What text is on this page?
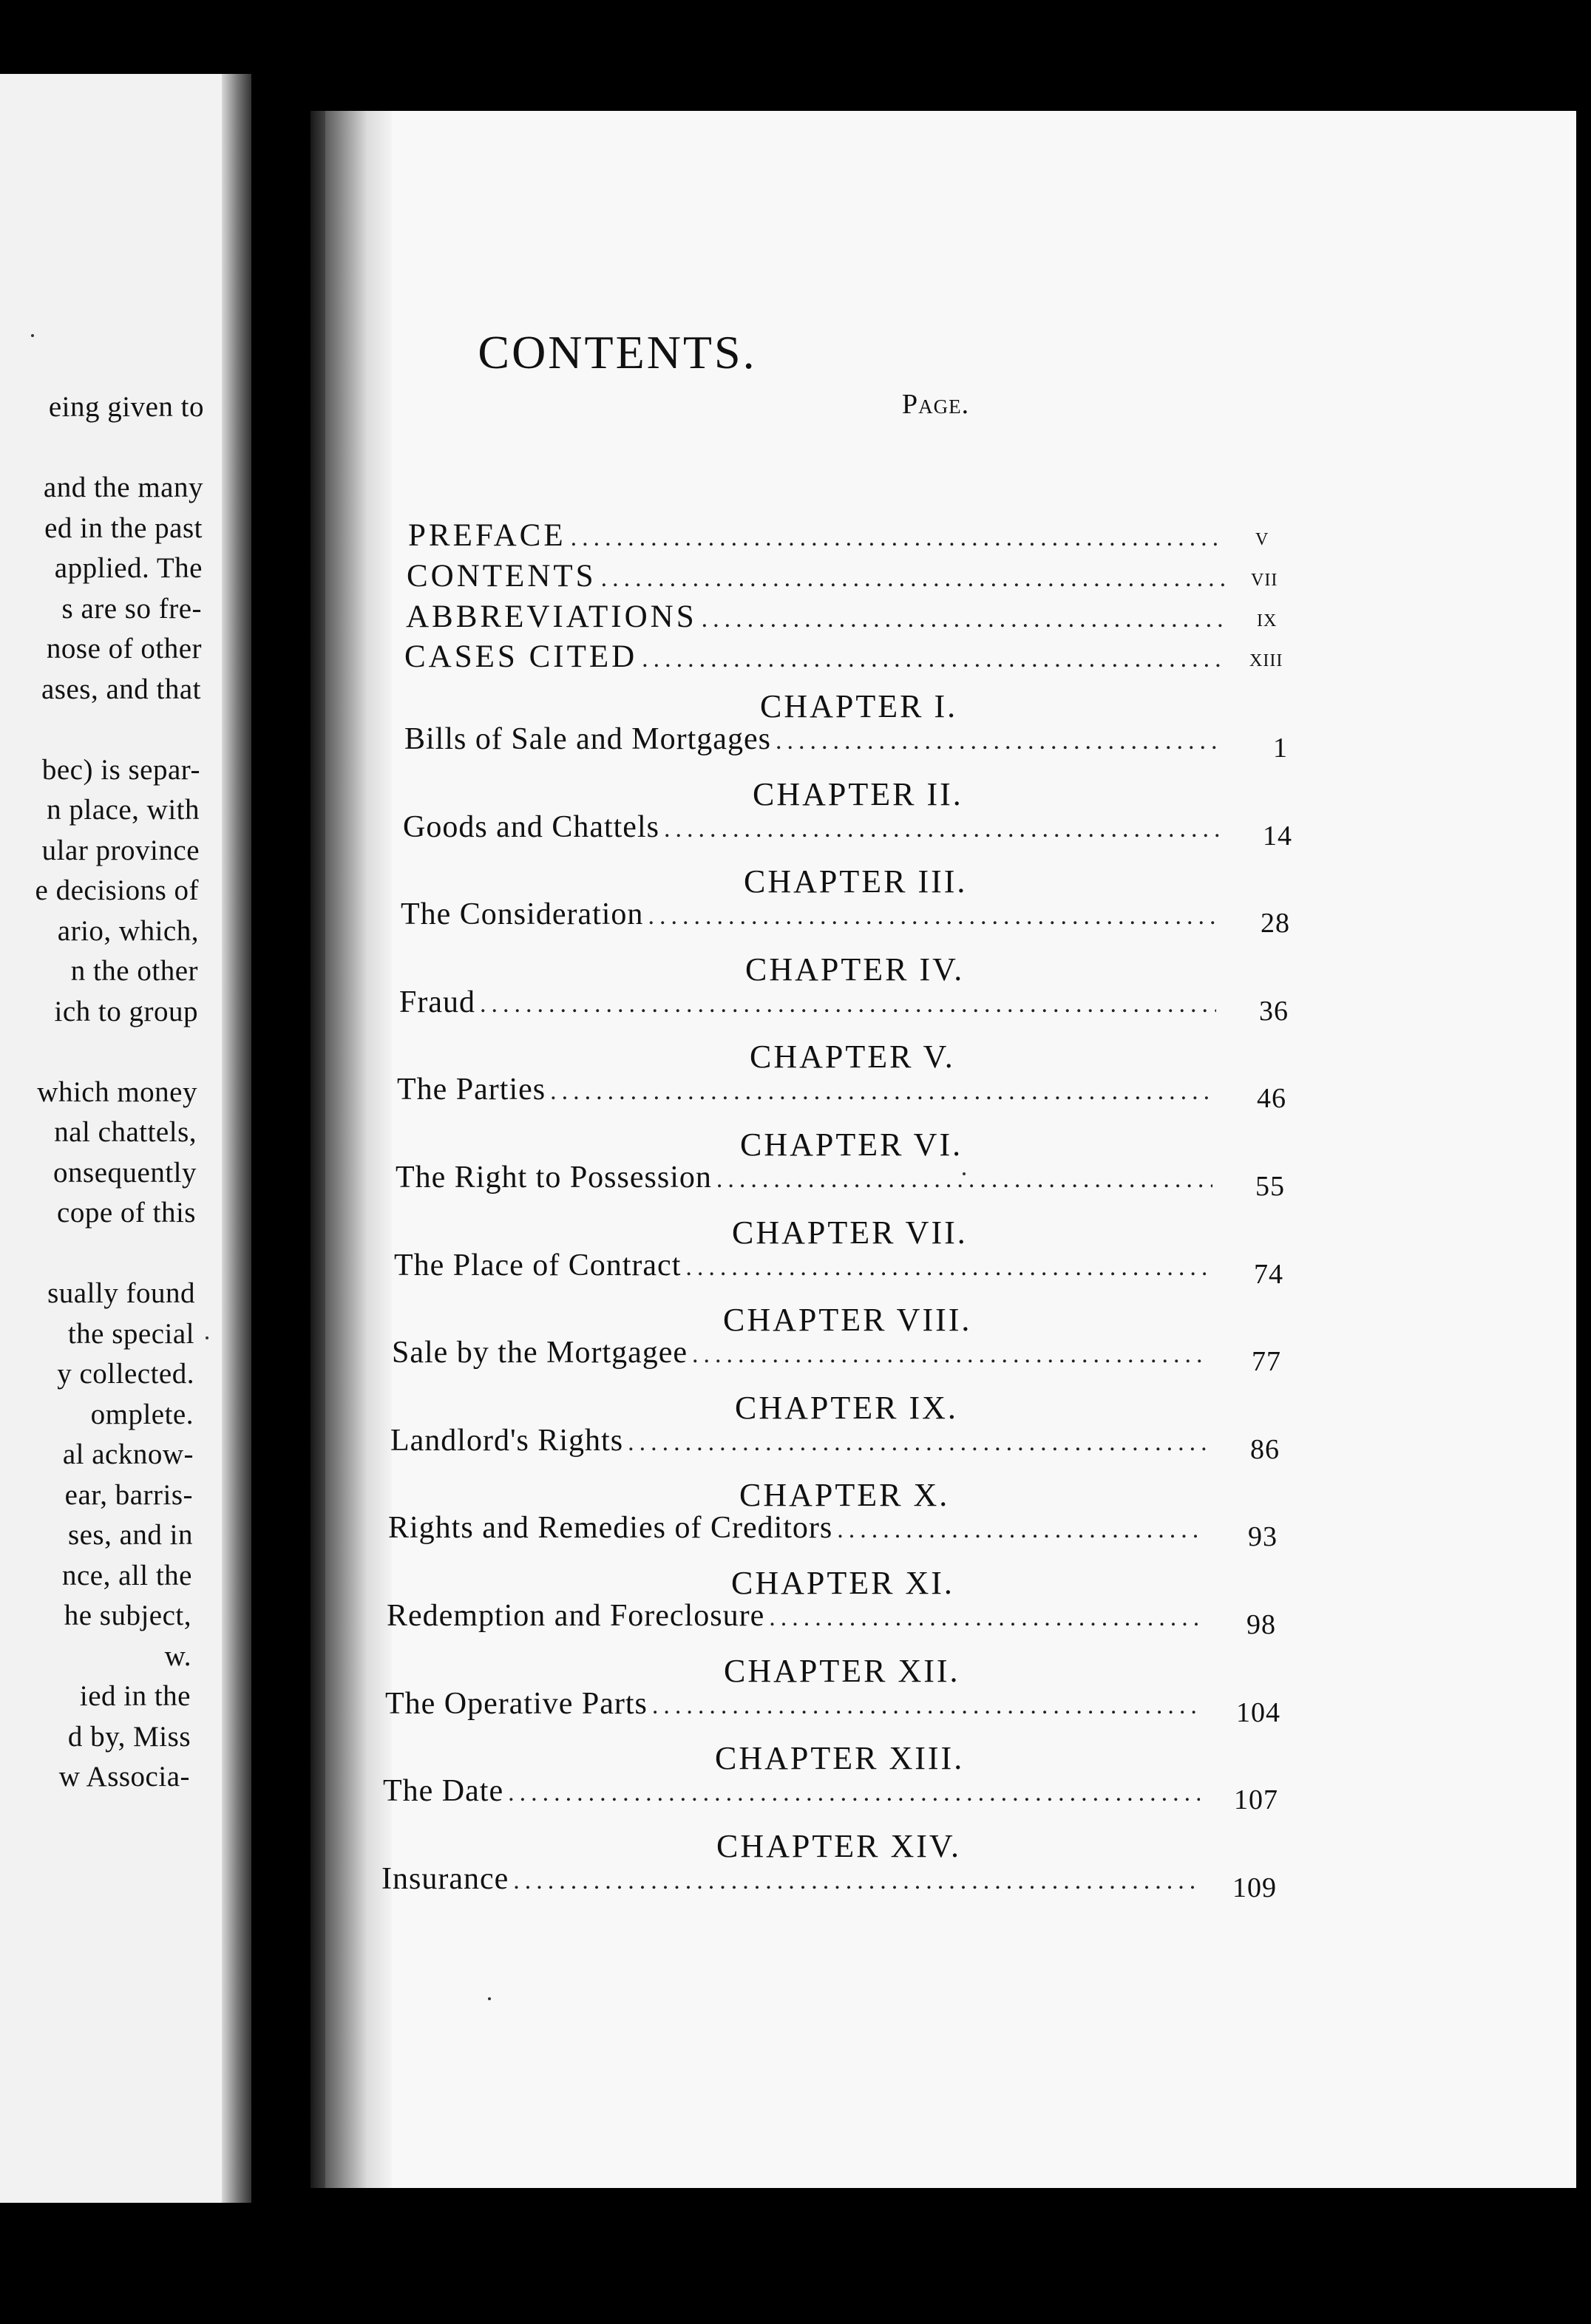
eing given to
and the many
ed in the past
applied. The
s are so fre-
nose of other
ases, and that
bec) is separ-
n place, with
ular province
e decisions of
ario, which,
n the other
ich to group
which money
nal chattels,
onsequently
cope of this
sually found
the special
y collected.
omplete.
al acknow-
ear, barris-
ses, and in
nce, all the
he subject,
w.
ied in the
d by, Miss
w Associa-
CONTENTS.
Page.
PREFACE .....	v
CONTENTS .....	vii
ABBREVIATIONS .....	ix
CASES CITED .....	xiii
CHAPTER I.
Bills of Sale and Mortgages .....	1
CHAPTER II.
Goods and Chattels .....	14
CHAPTER III.
The Consideration .....	28
CHAPTER IV.
Fraud .....	36
CHAPTER V.
The Parties .....	46
CHAPTER VI.
The Right to Possession .....	55
CHAPTER VII.
The Place of Contract .....	74
CHAPTER VIII.
Sale by the Mortgagee .....	77
CHAPTER IX.
Landlord's Rights .....	86
CHAPTER X.
Rights and Remedies of Creditors .....	93
CHAPTER XI.
Redemption and Foreclosure .....	98
CHAPTER XII.
The Operative Parts .....	104
CHAPTER XIII.
The Date .....	107
CHAPTER XIV.
Insurance .....	109
